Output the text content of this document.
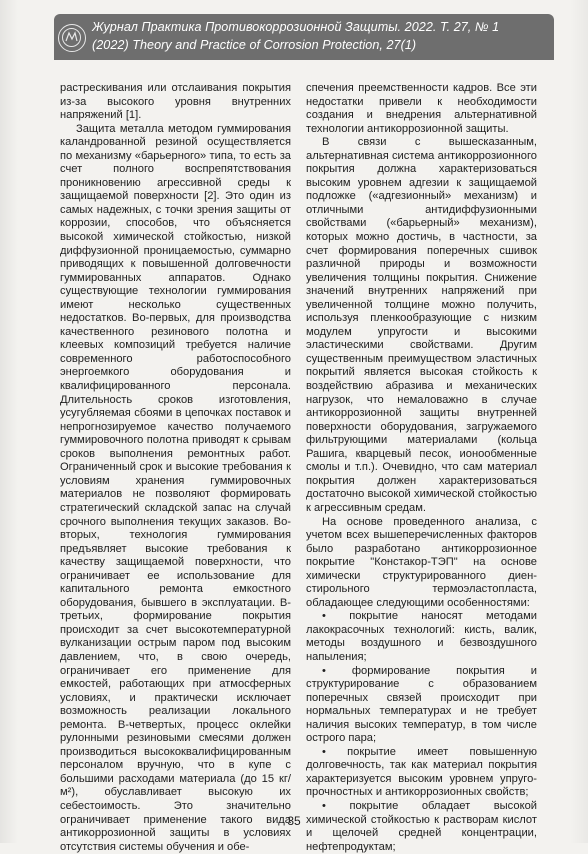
Журнал Практика Противокоррозионной Защиты. 2022. Т. 27, № 1
(2022) Theory and Practice of Corrosion Protection, 27(1)

растрескивания или отслаивания покрытия из-за высокого уровня внутренних напряжений [1].

Защита металла методом гуммирования каландрованной резиной осуществляется по механизму «барьерного» типа, то есть за счет полного воспрепятствования проникновению агрессивной среды к защищаемой поверхности [2]. Это один из самых надежных, с точки зрения защиты от коррозии, способов, что объясняется высокой химической стойкостью, низкой диффузионной проницаемостью, суммарно приводящих к повышенной долговечности гуммированных аппаратов. Однако существующие технологии гуммирования имеют несколько существенных недостатков. Во-первых, для производства качественного резинового полотна и клеевых композиций требуется наличие современного работоспособного энергоемкого оборудования и квалифицированного персонала. Длительность сроков изготовления, усугубляемая сбоями в цепочках поставок и непрогнозируемое качество получаемого гуммировочного полотна приводят к срывам сроков выполнения ремонтных работ. Ограниченный срок и высокие требования к условиям хранения гуммировочных материалов не позволяют формировать стратегический складской запас на случай срочного выполнения текущих заказов. Во-вторых, технология гуммирования предъявляет высокие требования к качеству защищаемой поверхности, что ограничивает ее использование для капитального ремонта емкостного оборудования, бывшего в эксплуатации. В-третьих, формирование покрытия происходит за счет высокотемпературной вулканизации острым паром под высоким давлением, что, в свою очередь, ограничивает его применение для емкостей, работающих при атмосферных условиях, и практически исключает возможность реализации локального ремонта. В-четвертых, процесс оклейки рулонными резиновыми смесями должен производиться высококвалифицированным персоналом вручную, что в купе с большими расходами материала (до 15 кг/м²), обуславливает высокую их себестоимость. Это значительно ограничивает применение такого вида антикоррозионной защиты в условиях отсутствия системы обучения и обе-

спечения преемственности кадров. Все эти недостатки привели к необходимости создания и внедрения альтернативной технологии антикоррозионной защиты.

В связи с вышесказанным, альтернативная система антикоррозионного покрытия должна характеризоваться высоким уровнем адгезии к защищаемой подложке («адгезионный» механизм) и отличными антидиффузионными свойствами («барьерный» механизм), которых можно достичь, в частности, за счет формирования поперечных сшивок различной природы и возможности увеличения толщины покрытия. Снижение значений внутренних напряжений при увеличенной толщине можно получить, используя пленкообразующие с низким модулем упругости и высокими эластическими свойствами. Другим существенным преимуществом эластичных покрытий является высокая стойкость к воздействию абразива и механических нагрузок, что немаловажно в случае антикоррозионной защиты внутренней поверхности оборудования, загружаемого фильтрующими материалами (кольца Рашига, кварцевый песок, ионообменные смолы и т.п.). Очевидно, что сам материал покрытия должен характеризоваться достаточно высокой химической стойкостью к агрессивным средам.

На основе проведенного анализа, с учетом всех вышеперечисленных факторов было разработано антикоррозионное покрытие "Констакор-ТЭП" на основе химически структурированного диен-стирольного термоэластопласта, обладающее следующими особенностями:

• покрытие наносят методами лакокрасочных технологий: кисть, валик, методы воздушного и безвоздушного напыления;

• формирование покрытия и структурирование с образованием поперечных связей происходит при нормальных температурах и не требует наличия высоких температур, в том числе острого пара;

• покрытие имеет повышенную долговечность, так как материал покрытия характеризуется высоким уровнем упруго-прочностных и антикоррозионных свойств;

• покрытие обладает высокой химической стойкостью к растворам кислот и щелочей средней концентрации, нефтепродуктам;

35
